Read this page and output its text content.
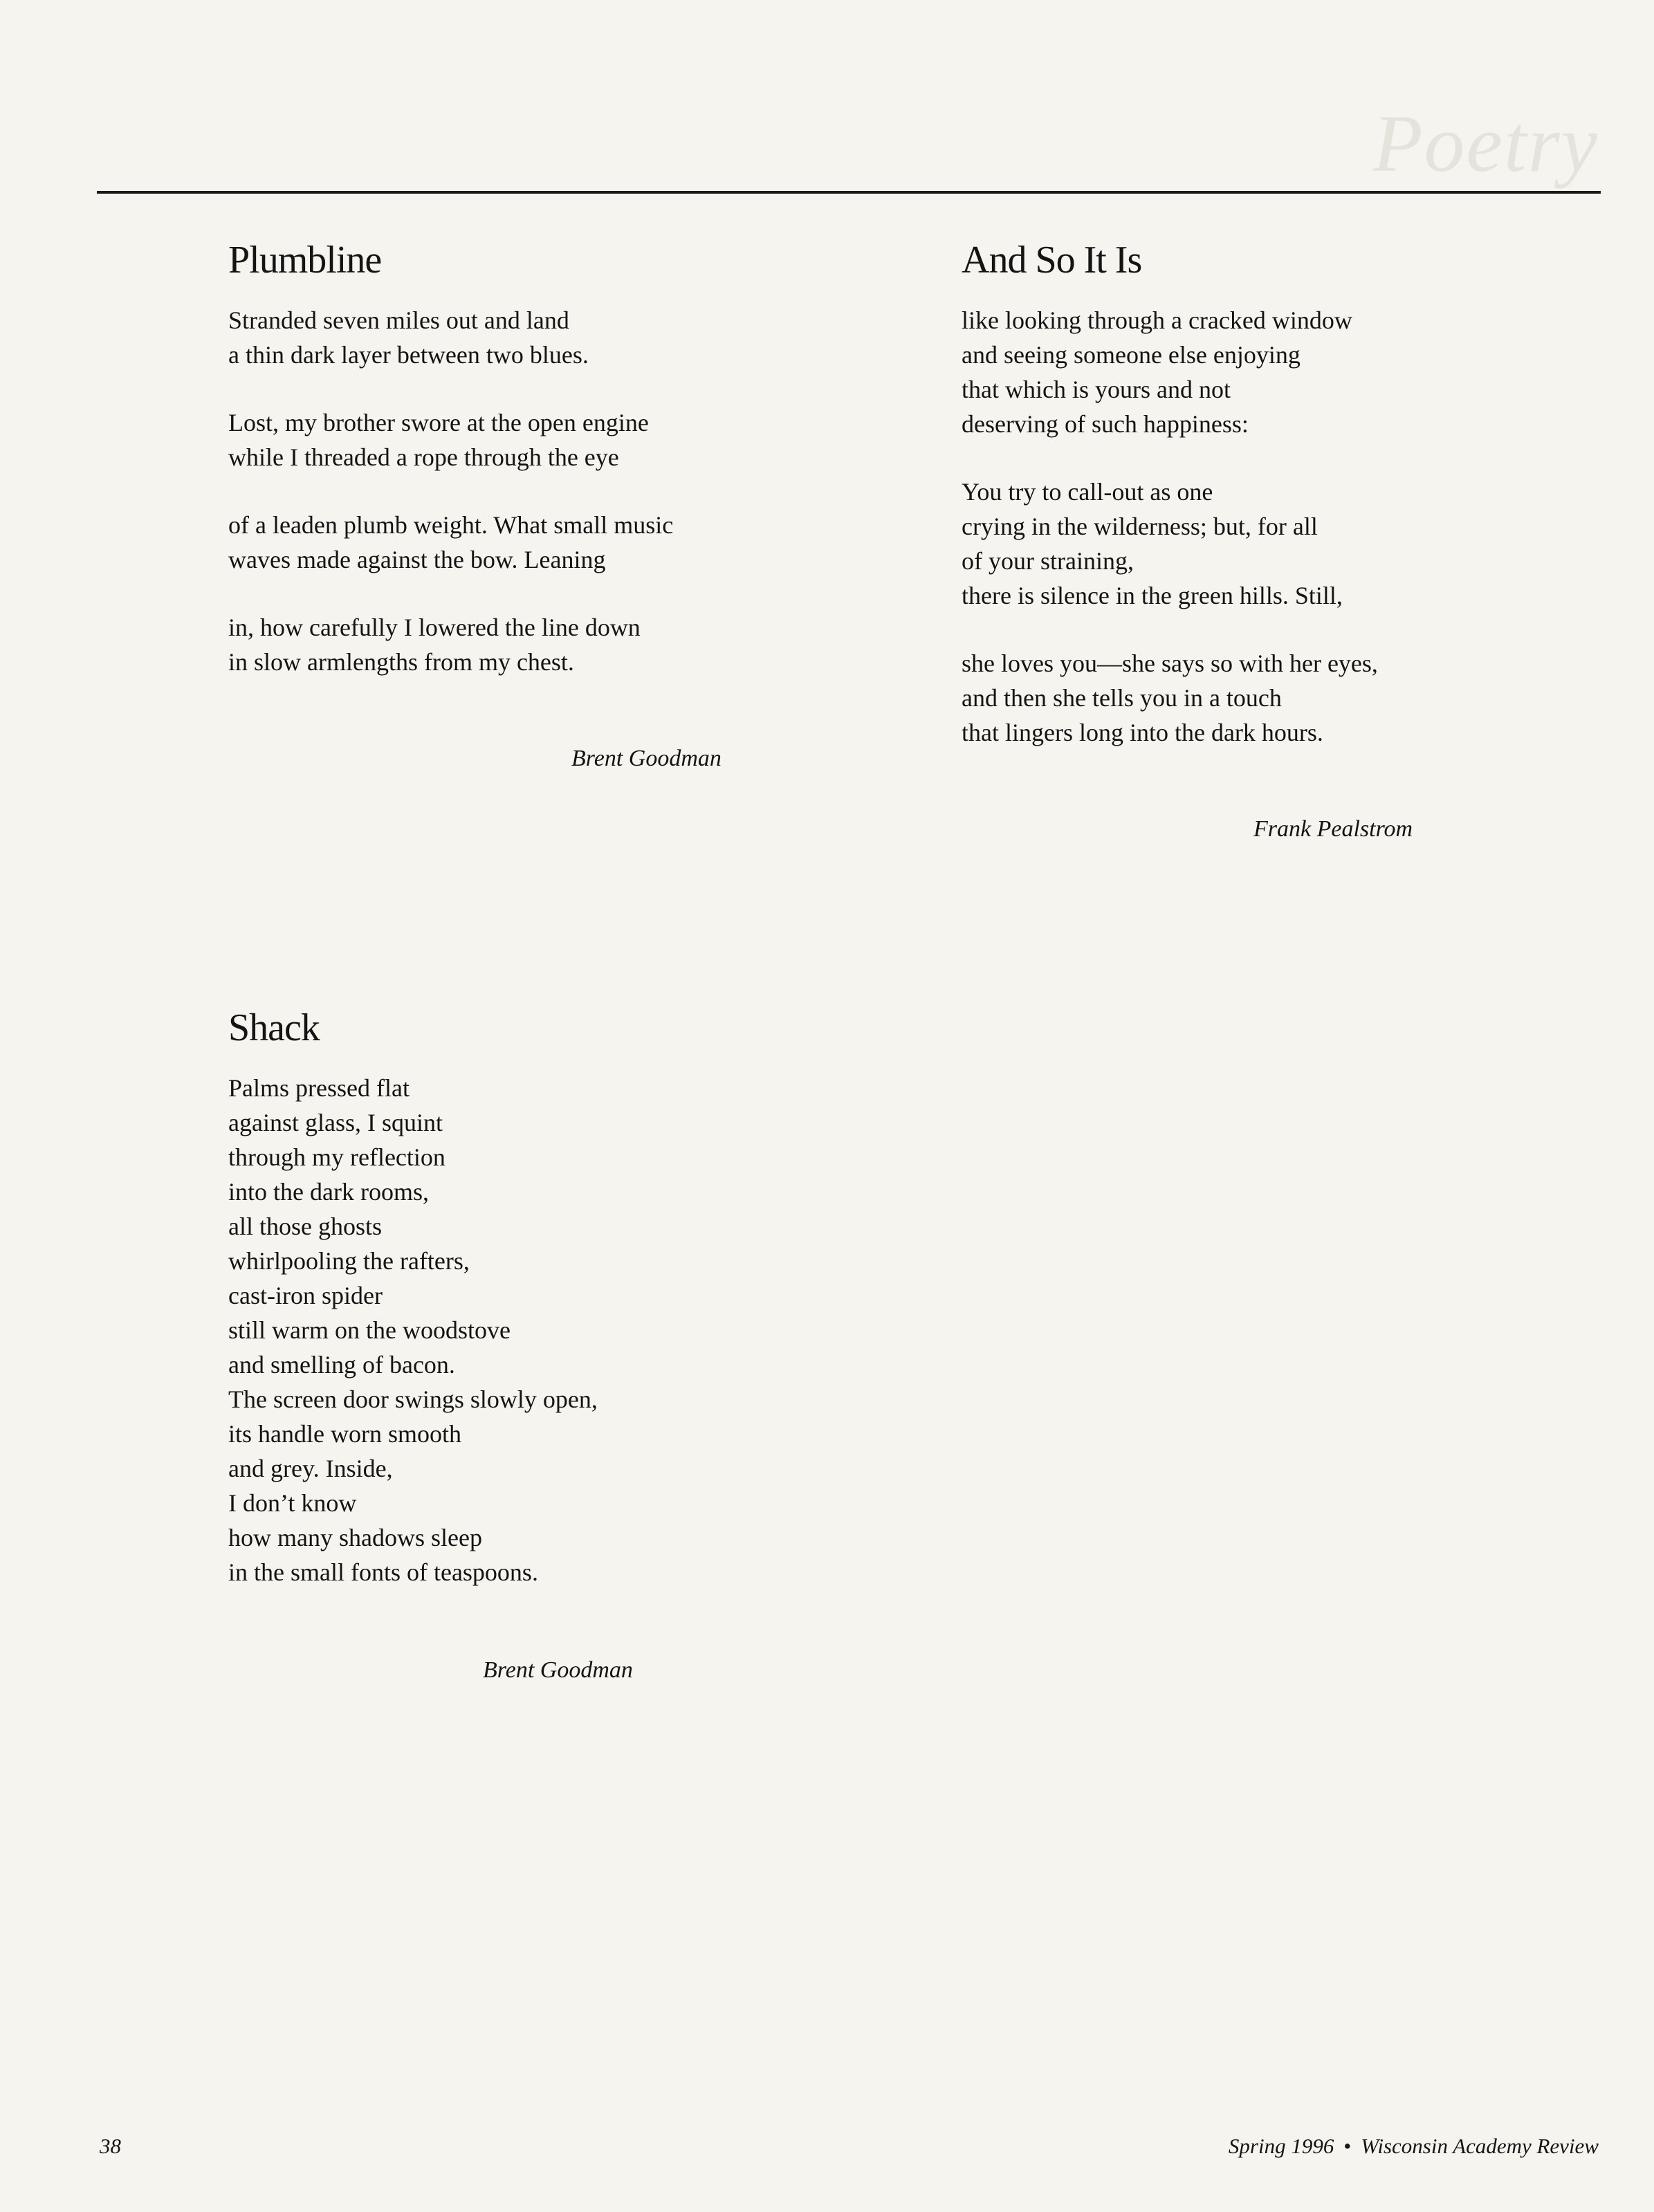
Poetry
Plumbline
Stranded seven miles out and land
a thin dark layer between two blues.
Lost, my brother swore at the open engine
while I threaded a rope through the eye
of a leaden plumb weight. What small music
waves made against the bow. Leaning
in, how carefully I lowered the line down
in slow armlengths from my chest.
Brent Goodman
Shack
Palms pressed flat
against glass, I squint
through my reflection
into the dark rooms,
all those ghosts
whirlpooling the rafters,
cast-iron spider
still warm on the woodstove
and smelling of bacon.
The screen door swings slowly open,
its handle worn smooth
and grey. Inside,
I don’t know
how many shadows sleep
in the small fonts of teaspoons.
Brent Goodman
And So It Is
like looking through a cracked window
and seeing someone else enjoying
that which is yours and not
deserving of such happiness:
You try to call-out as one
crying in the wilderness; but, for all
of your straining,
there is silence in the green hills. Still,
she loves you—she says so with her eyes,
and then she tells you in a touch
that lingers long into the dark hours.
Frank Pealstrom
38	Spring 1996 • Wisconsin Academy Review
